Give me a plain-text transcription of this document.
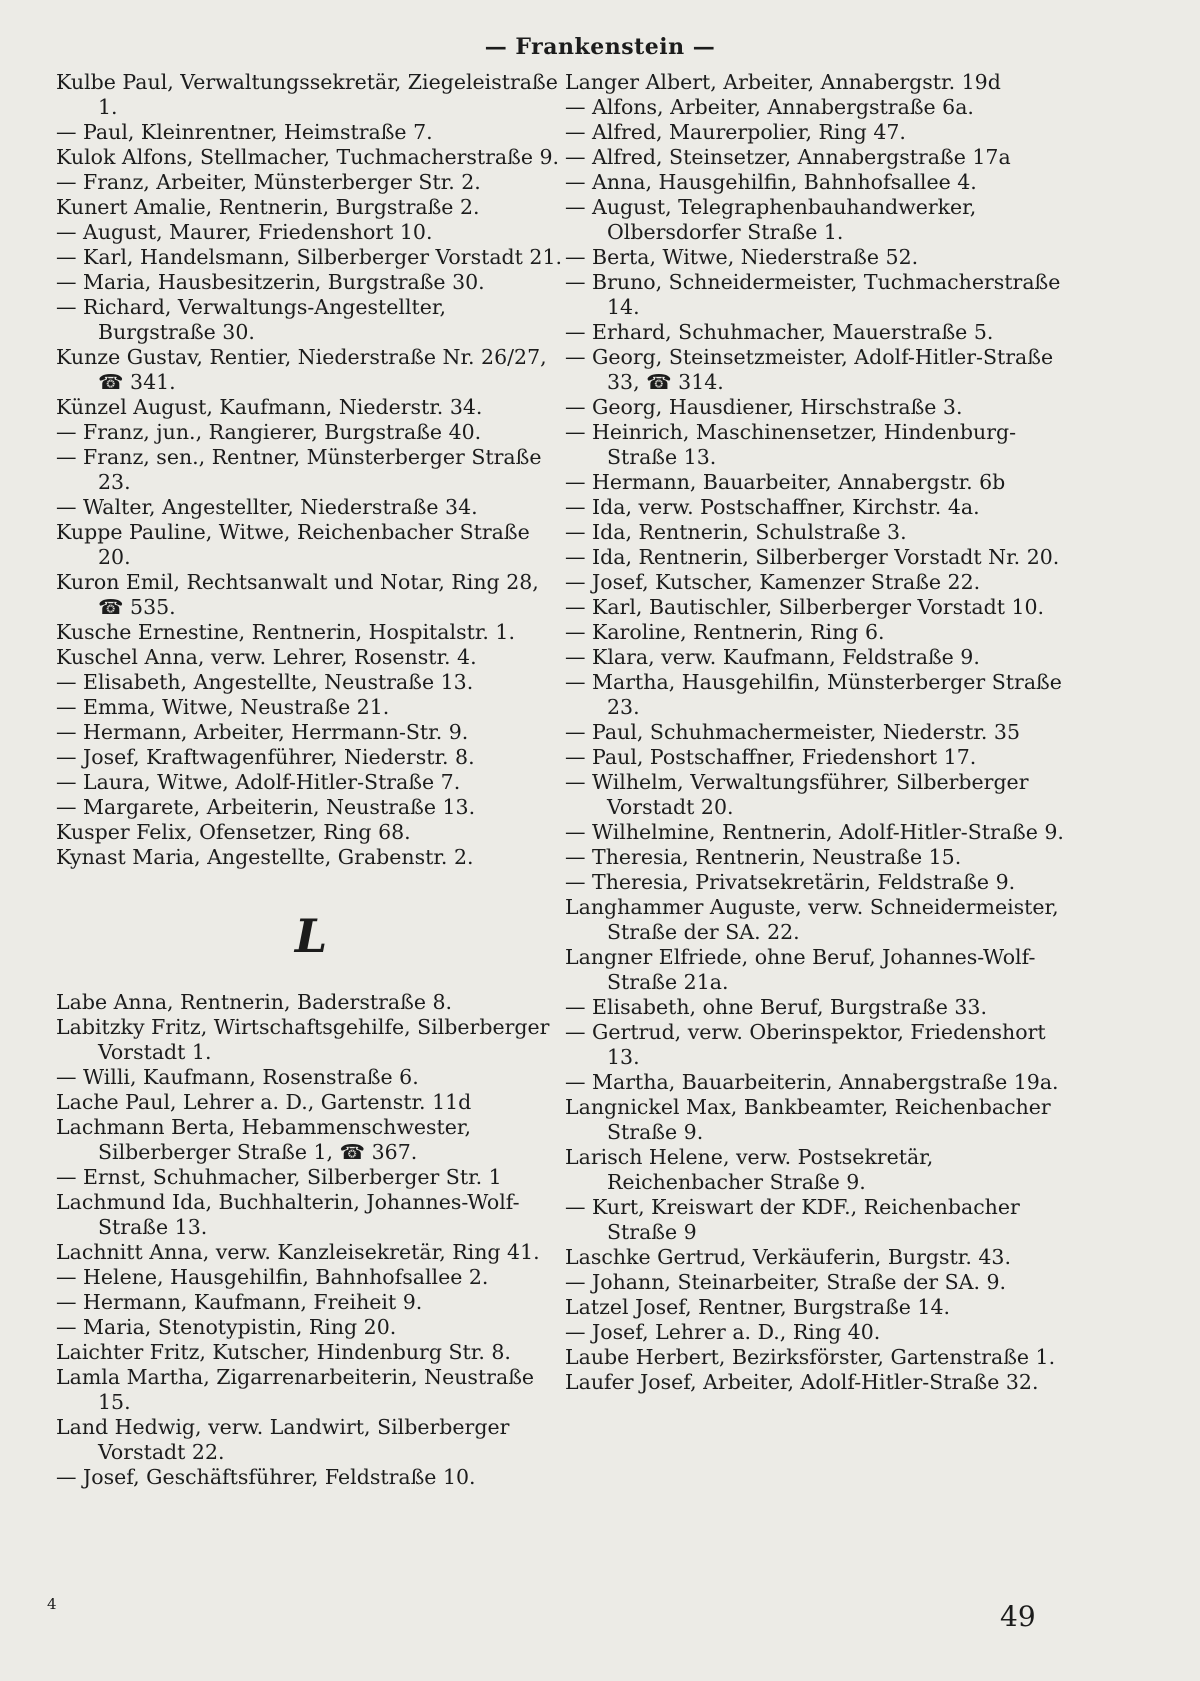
— Frankenstein —

Kulbe Paul, Verwaltungssekretär, Ziegeleistraße 1.

— Paul, Kleinrentner, Heimstraße 7.

Kulok Alfons, Stellmacher, Tuchmacherstraße 9.

— Franz, Arbeiter, Münsterberger Str. 2.

Kunert Amalie, Rentnerin, Burgstraße 2.

— August, Maurer, Friedenshort 10.

— Karl, Handelsmann, Silberberger Vorstadt 21.

— Maria, Hausbesitzerin, Burgstraße 30.

— Richard, Verwaltungs-Angestellter, Burgstraße 30.

Kunze Gustav, Rentier, Niederstraße Nr. 26/27, ☎ 341.

Künzel August, Kaufmann, Niederstr. 34.

— Franz, jun., Rangierer, Burgstraße 40.

— Franz, sen., Rentner, Münsterberger Straße 23.

— Walter, Angestellter, Niederstraße 34.

Kuppe Pauline, Witwe, Reichenbacher Straße 20.

Kuron Emil, Rechtsanwalt und Notar, Ring 28, ☎ 535.

Kusche Ernestine, Rentnerin, Hospitalstr. 1.

Kuschel Anna, verw. Lehrer, Rosenstr. 4.

— Elisabeth, Angestellte, Neustraße 13.

— Emma, Witwe, Neustraße 21.

— Hermann, Arbeiter, Herrmann-Str. 9.

— Josef, Kraftwagenführer, Niederstr. 8.

— Laura, Witwe, Adolf-Hitler-Straße 7.

— Margarete, Arbeiterin, Neustraße 13.

Kusper Felix, Ofensetzer, Ring 68.

Kynast Maria, Angestellte, Grabenstr. 2.

L

Labe Anna, Rentnerin, Baderstraße 8.

Labitzky Fritz, Wirtschaftsgehilfe, Silberberger Vorstadt 1.

— Willi, Kaufmann, Rosenstraße 6.

Lache Paul, Lehrer a. D., Gartenstr. 11d

Lachmann Berta, Hebammenschwester, Silberberger Straße 1, ☎ 367.

— Ernst, Schuhmacher, Silberberger Str. 1

Lachmund Ida, Buchhalterin, Johannes-Wolf-Straße 13.

Lachnitt Anna, verw. Kanzleisekretär, Ring 41.

— Helene, Hausgehilfin, Bahnhofsallee 2.

— Hermann, Kaufmann, Freiheit 9.

— Maria, Stenotypistin, Ring 20.

Laichter Fritz, Kutscher, Hindenburg Str. 8.

Lamla Martha, Zigarrenarbeiterin, Neustraße 15.

Land Hedwig, verw. Landwirt, Silberberger Vorstadt 22.

— Josef, Geschäftsführer, Feldstraße 10.

Langer Albert, Arbeiter, Annabergstr. 19d

— Alfons, Arbeiter, Annabergstraße 6a.

— Alfred, Maurerpolier, Ring 47.

— Alfred, Steinsetzer, Annabergstraße 17a

— Anna, Hausgehilfin, Bahnhofsallee 4.

— August, Telegraphenbauhandwerker, Olbersdorfer Straße 1.

— Berta, Witwe, Niederstraße 52.

— Bruno, Schneidermeister, Tuchmacherstraße 14.

— Erhard, Schuhmacher, Mauerstraße 5.

— Georg, Steinsetzmeister, Adolf-Hitler-Straße 33, ☎ 314.

— Georg, Hausdiener, Hirschstraße 3.

— Heinrich, Maschinensetzer, Hindenburg-Straße 13.

— Hermann, Bauarbeiter, Annabergstr. 6b

— Ida, verw. Postschaffner, Kirchstr. 4a.

— Ida, Rentnerin, Schulstraße 3.

— Ida, Rentnerin, Silberberger Vorstadt Nr. 20.

— Josef, Kutscher, Kamenzer Straße 22.

— Karl, Bautischler, Silberberger Vorstadt 10.

— Karoline, Rentnerin, Ring 6.

— Klara, verw. Kaufmann, Feldstraße 9.

— Martha, Hausgehilfin, Münsterberger Straße 23.

— Paul, Schuhmachermeister, Niederstr. 35

— Paul, Postschaffner, Friedenshort 17.

— Wilhelm, Verwaltungsführer, Silberberger Vorstadt 20.

— Wilhelmine, Rentnerin, Adolf-Hitler-Straße 9.

— Theresia, Rentnerin, Neustraße 15.

— Theresia, Privatsekretärin, Feldstraße 9.

Langhammer Auguste, verw. Schneidermeister, Straße der SA. 22.

Langner Elfriede, ohne Beruf, Johannes-Wolf-Straße 21a.

— Elisabeth, ohne Beruf, Burgstraße 33.

— Gertrud, verw. Oberinspektor, Friedenshort 13.

— Martha, Bauarbeiterin, Annabergstraße 19a.

Langnickel Max, Bankbeamter, Reichenbacher Straße 9.

Larisch Helene, verw. Postsekretär, Reichenbacher Straße 9.

— Kurt, Kreiswart der KDF., Reichenbacher Straße 9

Laschke Gertrud, Verkäuferin, Burgstr. 43.

— Johann, Steinarbeiter, Straße der SA. 9.

Latzel Josef, Rentner, Burgstraße 14.

— Josef, Lehrer a. D., Ring 40.

Laube Herbert, Bezirksförster, Gartenstraße 1.

Laufer Josef, Arbeiter, Adolf-Hitler-Straße 32.

4	49
